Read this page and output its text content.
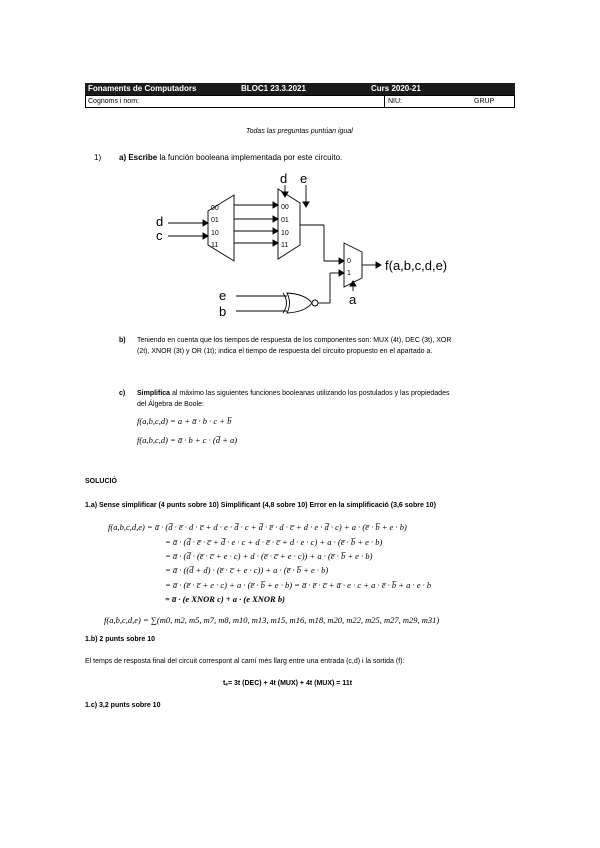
Fonaments de Computadors	BLOC1 23.3.2021	Curs 2020-21
Cognoms i nom:	NIU:	GRUP
Todas las preguntas puntúan igual
1) a) Escribe la función booleana implementada por este circuito.
00
01
10
11
00
01
10
11
0
1
d e
d
c
e
b
a
f(a,b,c,d,e)
b) Teniendo en cuenta que los tiempos de respuesta de los componentes son: MUX (4t), DEC (3t), XOR
(2t), XNOR (3t) y OR (1t); indica el tiempo de respuesta del circuito propuesto en el apartado a.
c) Simplifica al máximo las siguientes funciones booleanas utilizando los postulados y las propiedades
del Álgebra de Boole:
f(a,b,c,d) = a + a̅ · b · c + b̅
f(a,b,c,d) = a̅ · b + c · (d̅ + a)
SOLUCIÓ
1.a) Sense simplificar (4 punts sobre 10) Simplificant (4,8 sobre 10) Error en la simplificació (3,6 sobre 10)
f(a,b,c,d,e) = a̅ · (d̅ · e̅ · d · c̅ + d · e · d̅ · c + d̅ · e̅ · d · c̅ + d · e · d̅ · c) + a · (e̅ · b̅ + e · b)
= a̅ · (d̅ · e̅ · c̅ + d̅ · e · c + d · e̅ · c̅ + d · e · c) + a · (e̅ · b̅ + e · b)
= a̅ · (d̅ · (e̅ · c̅ + e · c) + d · (e̅ · c̅ + e · c)) + a · (e̅ · b̅ + e · b)
= a̅ · ((d̅ + d) · (e̅ · c̅ + e · c)) + a · (e̅ · b̅ + e · b)
= a̅ · (e̅ · c̅ + e · c) + a · (e̅ · b̅ + e · b) = a̅ · e̅ · c̅ + a̅ · e · c + a · e̅ · b̅ + a · e · b
= a̅ · (e XNOR c) + a · (e XNOR b)
f(a,b,c,d,e) = ∑(m0, m2, m5, m7, m8, m10, m13, m15, m16, m18, m20, m22, m25, m27, m29, m31)
1.b) 2 punts sobre 10
El temps de resposta final del circuit correspont al camí més llarg entre una entrada (c,d) i la sortida (f):
tₑ= 3t (DEC) + 4t (MUX) + 4t (MUX) = 11t
1.c) 3,2 punts sobre 10
